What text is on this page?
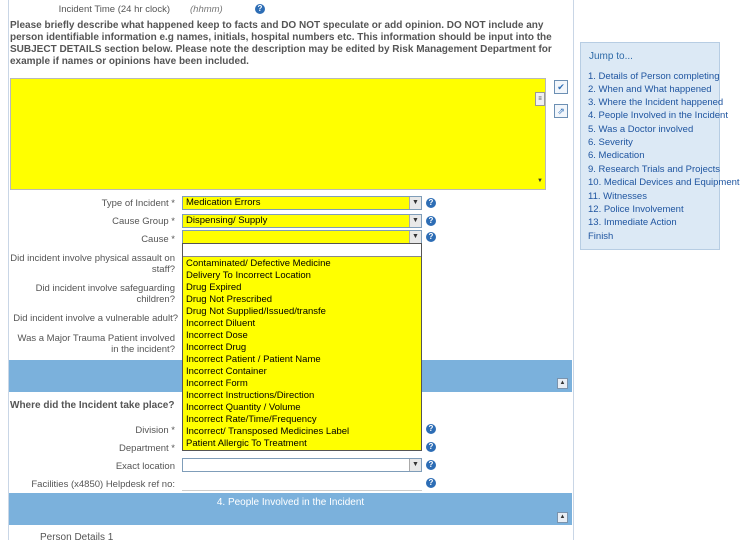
Incident Time (24 hr clock) (hhmm)	?
Please briefly describe what happened keep to facts and DO NOT speculate or add opinion. DO NOT include any person identifiable information e.g names, initials, hospital numbers etc. This information should be input into the SUBJECT DETAILS section below. Please note the description may be edited by Risk Management Department for example if names or opinions have been included.
≡
▼
✔
⇗
Type of Incident *	Medication Errors	▼	?
Cause Group *	Dispensing/ Supply	▼	?
Cause *	▼	?
Did incident involve physical assault on staff?
Did incident involve safeguarding children?
Did incident involve a vulnerable adult?
Was a Major Trauma Patient involved in the incident?
▲
Where did the Incident take place?
Division *	?
Department *	?
Exact location	▼	?
Facilities (x4850) Helpdesk ref no:	?
4. People Involved in the Incident
▲
Person Details 1
Contaminated/ Defective Medicine
Delivery To Incorrect Location
Drug Expired
Drug Not Prescribed
Drug Not Supplied/Issued/transfe
Incorrect Diluent
Incorrect Dose
Incorrect Drug
Incorrect Patient / Patient Name
Incorrect Container
Incorrect Form
Incorrect Instructions/Direction
Incorrect Quantity / Volume
Incorrect Rate/Time/Frequency
Incorrect/ Transposed Medicines Label
Patient Allergic To Treatment
Jump to...
1. Details of Person completing
2. When and What happened
3. Where the Incident happened
4. People Involved in the Incident
5. Was a Doctor involved
6. Severity
6. Medication
9. Research Trials and Projects
10. Medical Devices and Equipment
11. Witnesses
12. Police Involvement
13. Immediate Action
Finish
